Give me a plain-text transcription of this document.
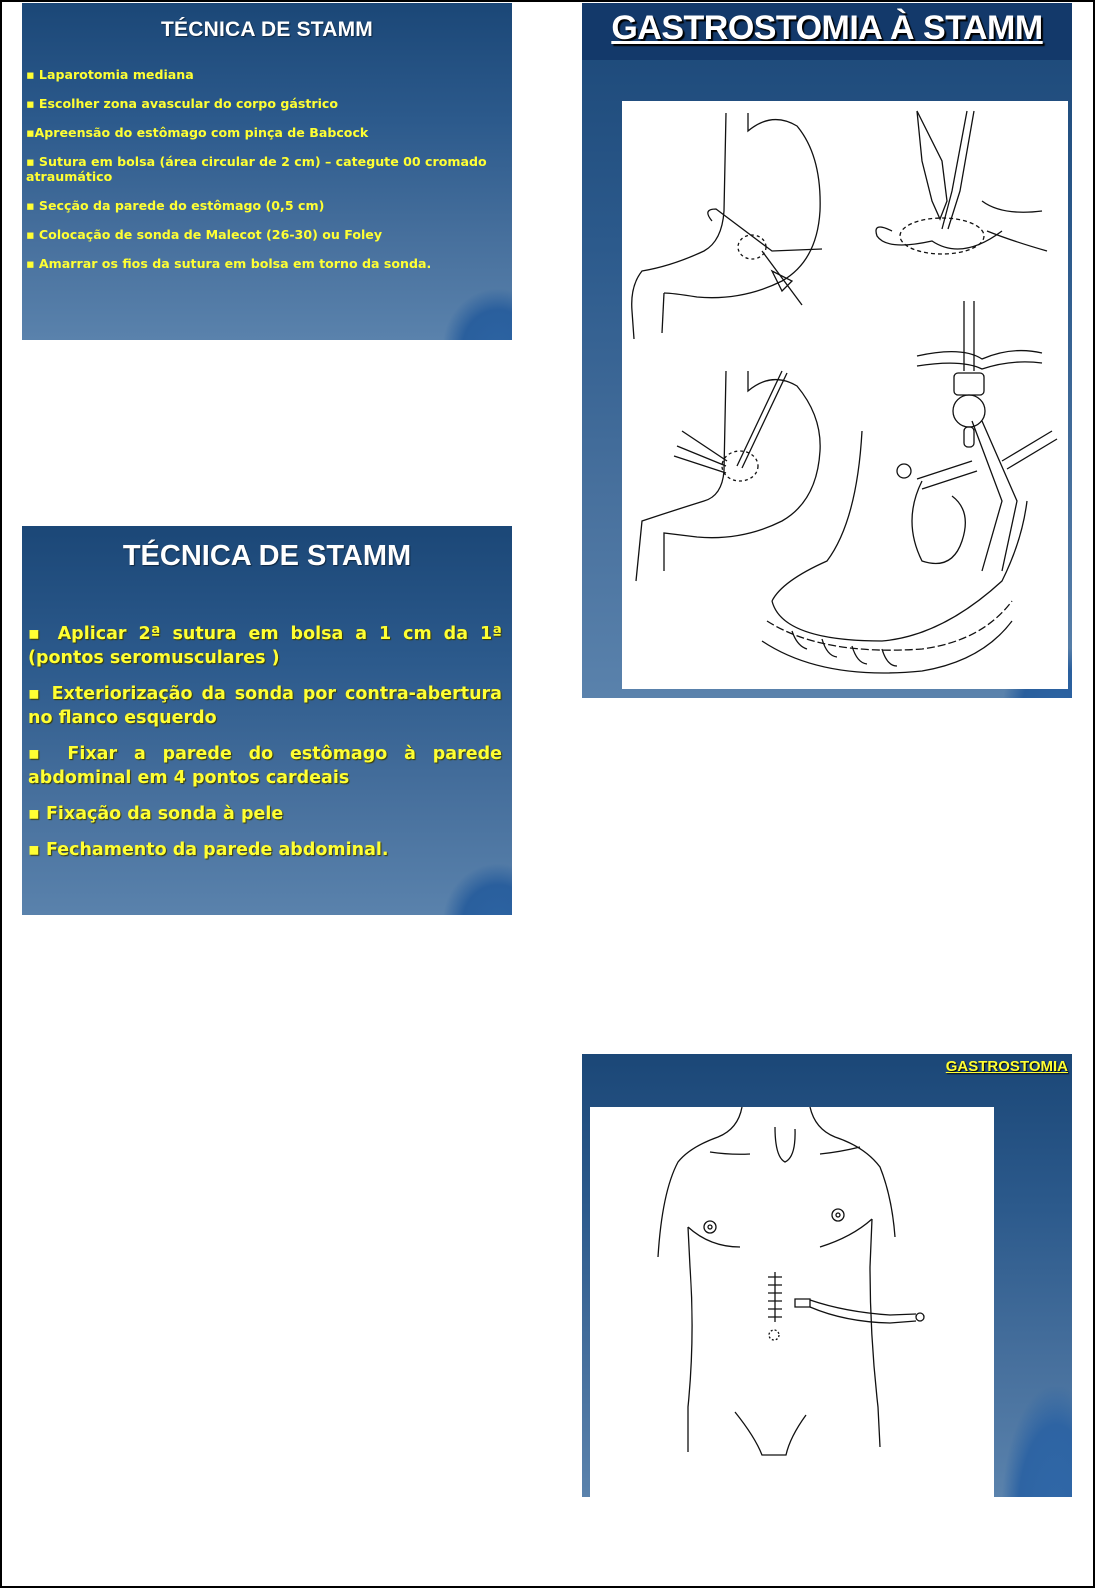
TÉCNICA DE STAMM
▪ Laparotomia mediana
▪ Escolher zona avascular do corpo gástrico
▪Apreensão do estômago com pinça de Babcock
▪ Sutura em bolsa (área circular de 2 cm) – categute 00 cromado atraumático
▪ Secção da parede do estômago (0,5 cm)
▪ Colocação de sonda de Malecot (26-30) ou Foley
▪ Amarrar os fios da sutura em bolsa em torno da sonda.
TÉCNICA DE STAMM
▪ Aplicar 2ª sutura em bolsa a 1 cm da 1ª (pontos seromusculares )
▪ Exteriorização da sonda por contra-abertura no flanco esquerdo
▪ Fixar a parede do estômago à parede abdominal em 4 pontos cardeais
▪ Fixação da sonda à pele
▪ Fechamento da parede abdominal.
GASTROSTOMIA À STAMM
GASTROSTOMIA
